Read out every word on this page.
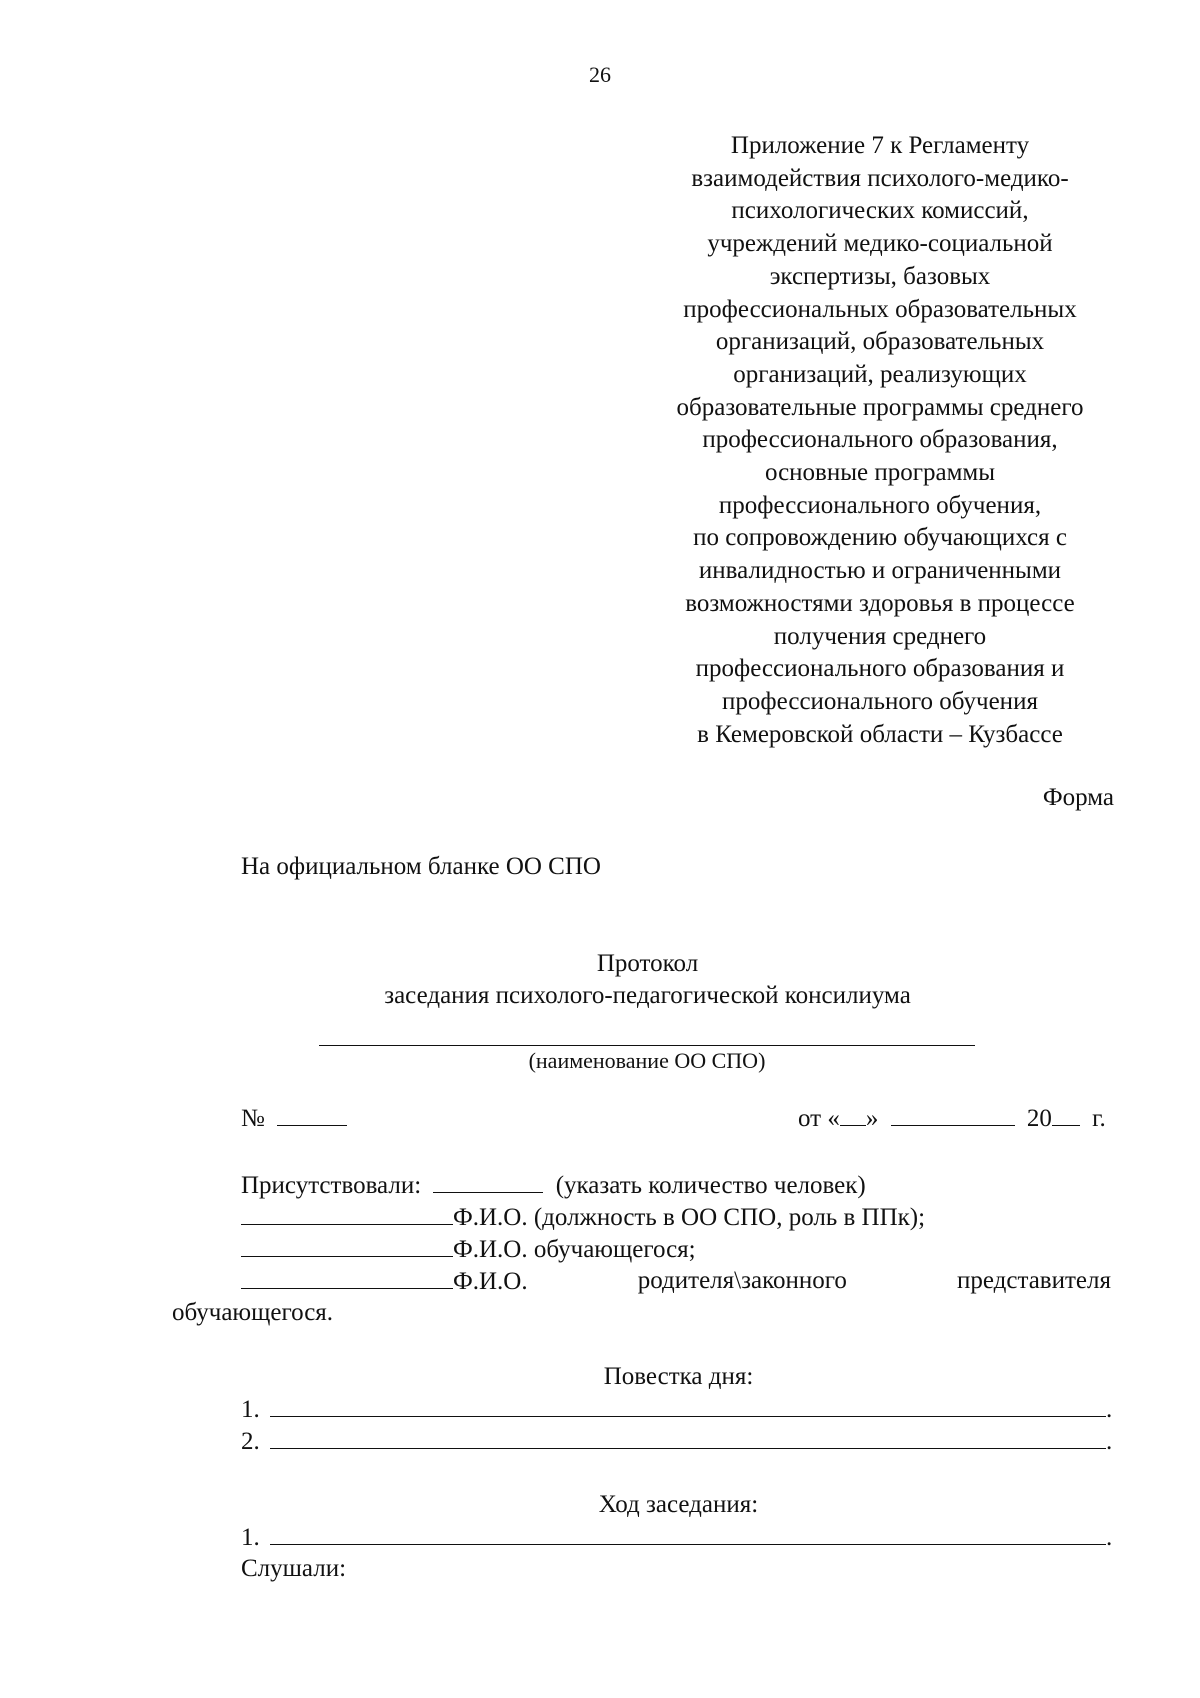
26
Приложение 7 к Регламенту
взаимодействия психолого-медико-
психологических комиссий,
учреждений медико-социальной
экспертизы, базовых
профессиональных образовательных
организаций, образовательных
организаций, реализующих
образовательные программы среднего
профессионального образования,
основные программы
профессионального обучения,
по сопровождению обучающихся с
инвалидностью и ограниченными
возможностями здоровья в процессе
получения среднего
профессионального образования и
профессионального обучения
в Кемеровской области – Кузбассе
Форма
На официальном бланке ОО СПО
Протокол
заседания психолого-педагогической консилиума
(наименование ОО СПО)
№	от « »	20 г.
Присутствовали:	(указать количество человек)
Ф.И.О. (должность в ОО СПО, роль в ППк);
Ф.И.О. обучающегося;
Ф.И.О.	родителя\законного	представителя
обучающегося.
Повестка дня:
1.	.
2.	.
Ход заседания:
1.	.
Слушали:
